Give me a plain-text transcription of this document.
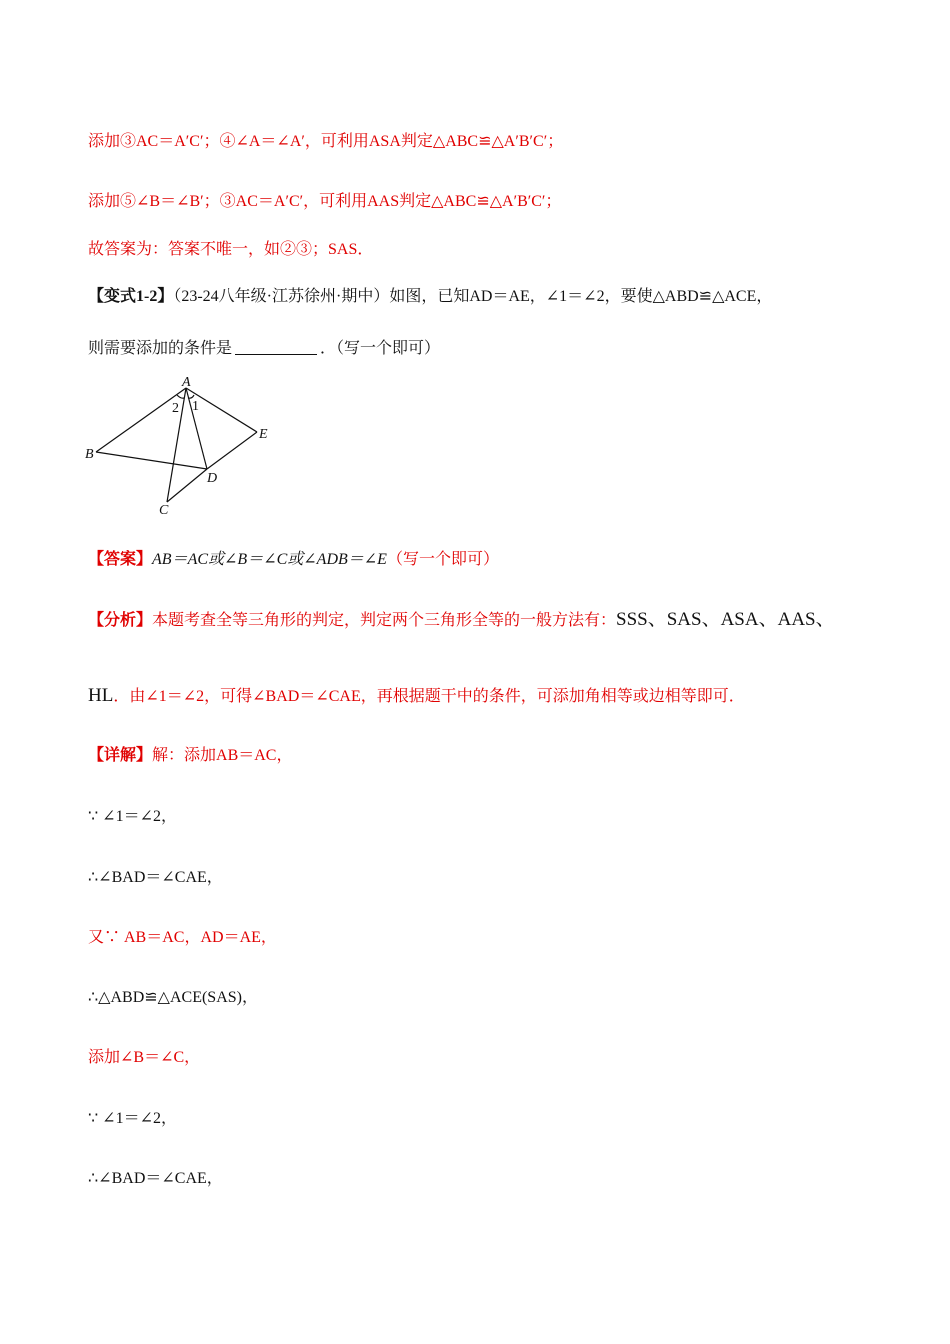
添加③AC＝A′C′；④∠A＝∠A′，可利用ASA判定△ABC≌△A′B′C′；
添加⑤∠B＝∠B′；③AC＝A′C′，可利用AAS判定△ABC≌△A′B′C′；
故答案为：答案不唯一，如②③；SAS．
【变式1-2】（23-24八年级·江苏徐州·期中）如图，已知AD＝AE，∠1＝∠2，要使△ABD≌△ACE，
则需要添加的条件是	．（写一个即可）
A
B
C
D
E
2 1
【答案】AB＝AC或∠B＝∠C或∠ADB＝∠E（写一个即可）
【分析】本题考查全等三角形的判定，判定两个三角形全等的一般方法有：SSS、SAS、ASA、AAS、
HL．由∠1＝∠2，可得∠BAD＝∠CAE，再根据题干中的条件，可添加角相等或边相等即可．
【详解】解：添加AB＝AC，
∵ ∠1＝∠2，
∴∠BAD＝∠CAE，
又∵ AB＝AC，AD＝AE，
∴△ABD≌△ACE(SAS)，
添加∠B＝∠C，
∵ ∠1＝∠2，
∴∠BAD＝∠CAE，
